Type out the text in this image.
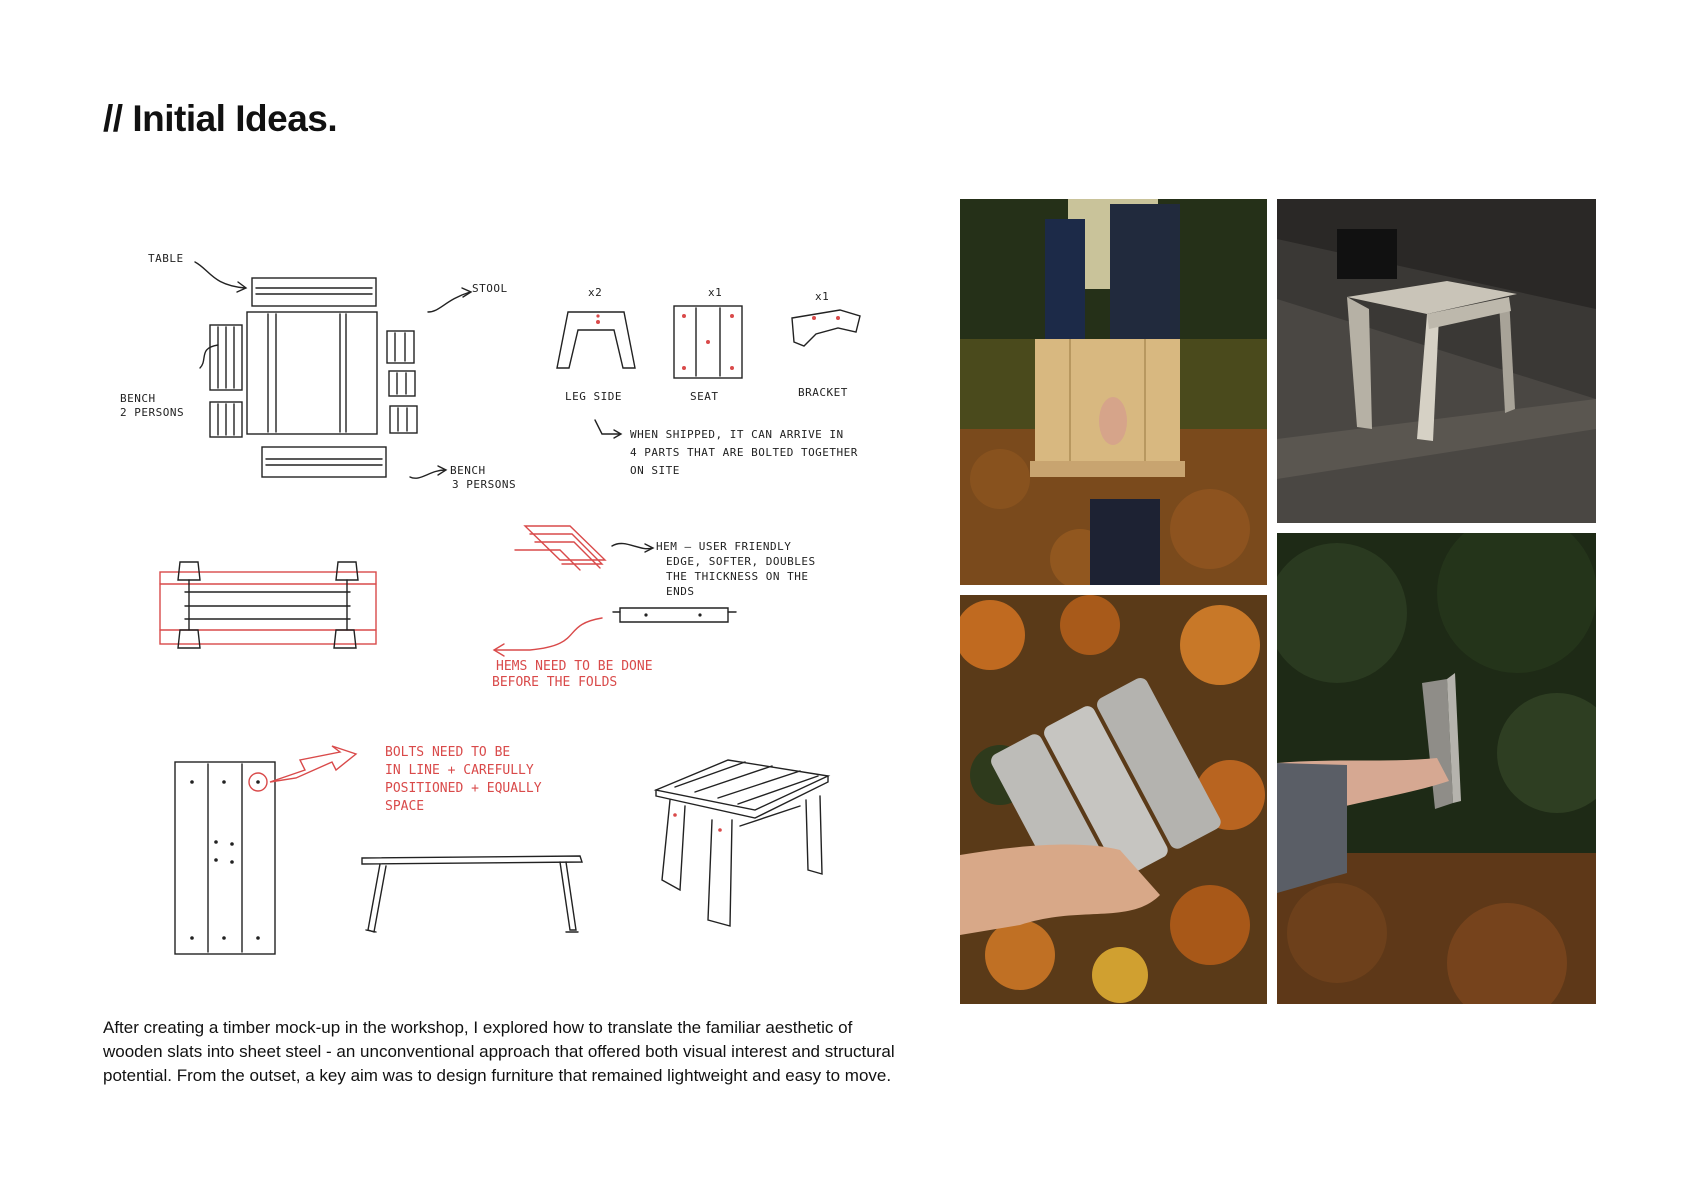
// Initial Ideas.
TABLE
STOOL
BENCH
2 PERSONS
BENCH
3 PERSONS
x2	x1	x1
LEG SIDE	SEAT	BRACKET
WHEN SHIPPED, IT CAN ARRIVE IN
4 PARTS THAT ARE BOLTED TOGETHER
ON SITE
HEM — USER FRIENDLY
EDGE, SOFTER, DOUBLES
THE THICKNESS ON THE
ENDS
HEMS NEED TO BE DONE
BEFORE THE FOLDS
BOLTS NEED TO BE
IN LINE + CAREFULLY
POSITIONED + EQUALLY
SPACE

After creating a timber mock-up in the workshop, I explored how to translate the familiar aesthetic of wooden slats into sheet steel - an unconventional approach that offered both visual interest and structural potential. From the outset, a key aim was to design furniture that remained lightweight and easy to move.
